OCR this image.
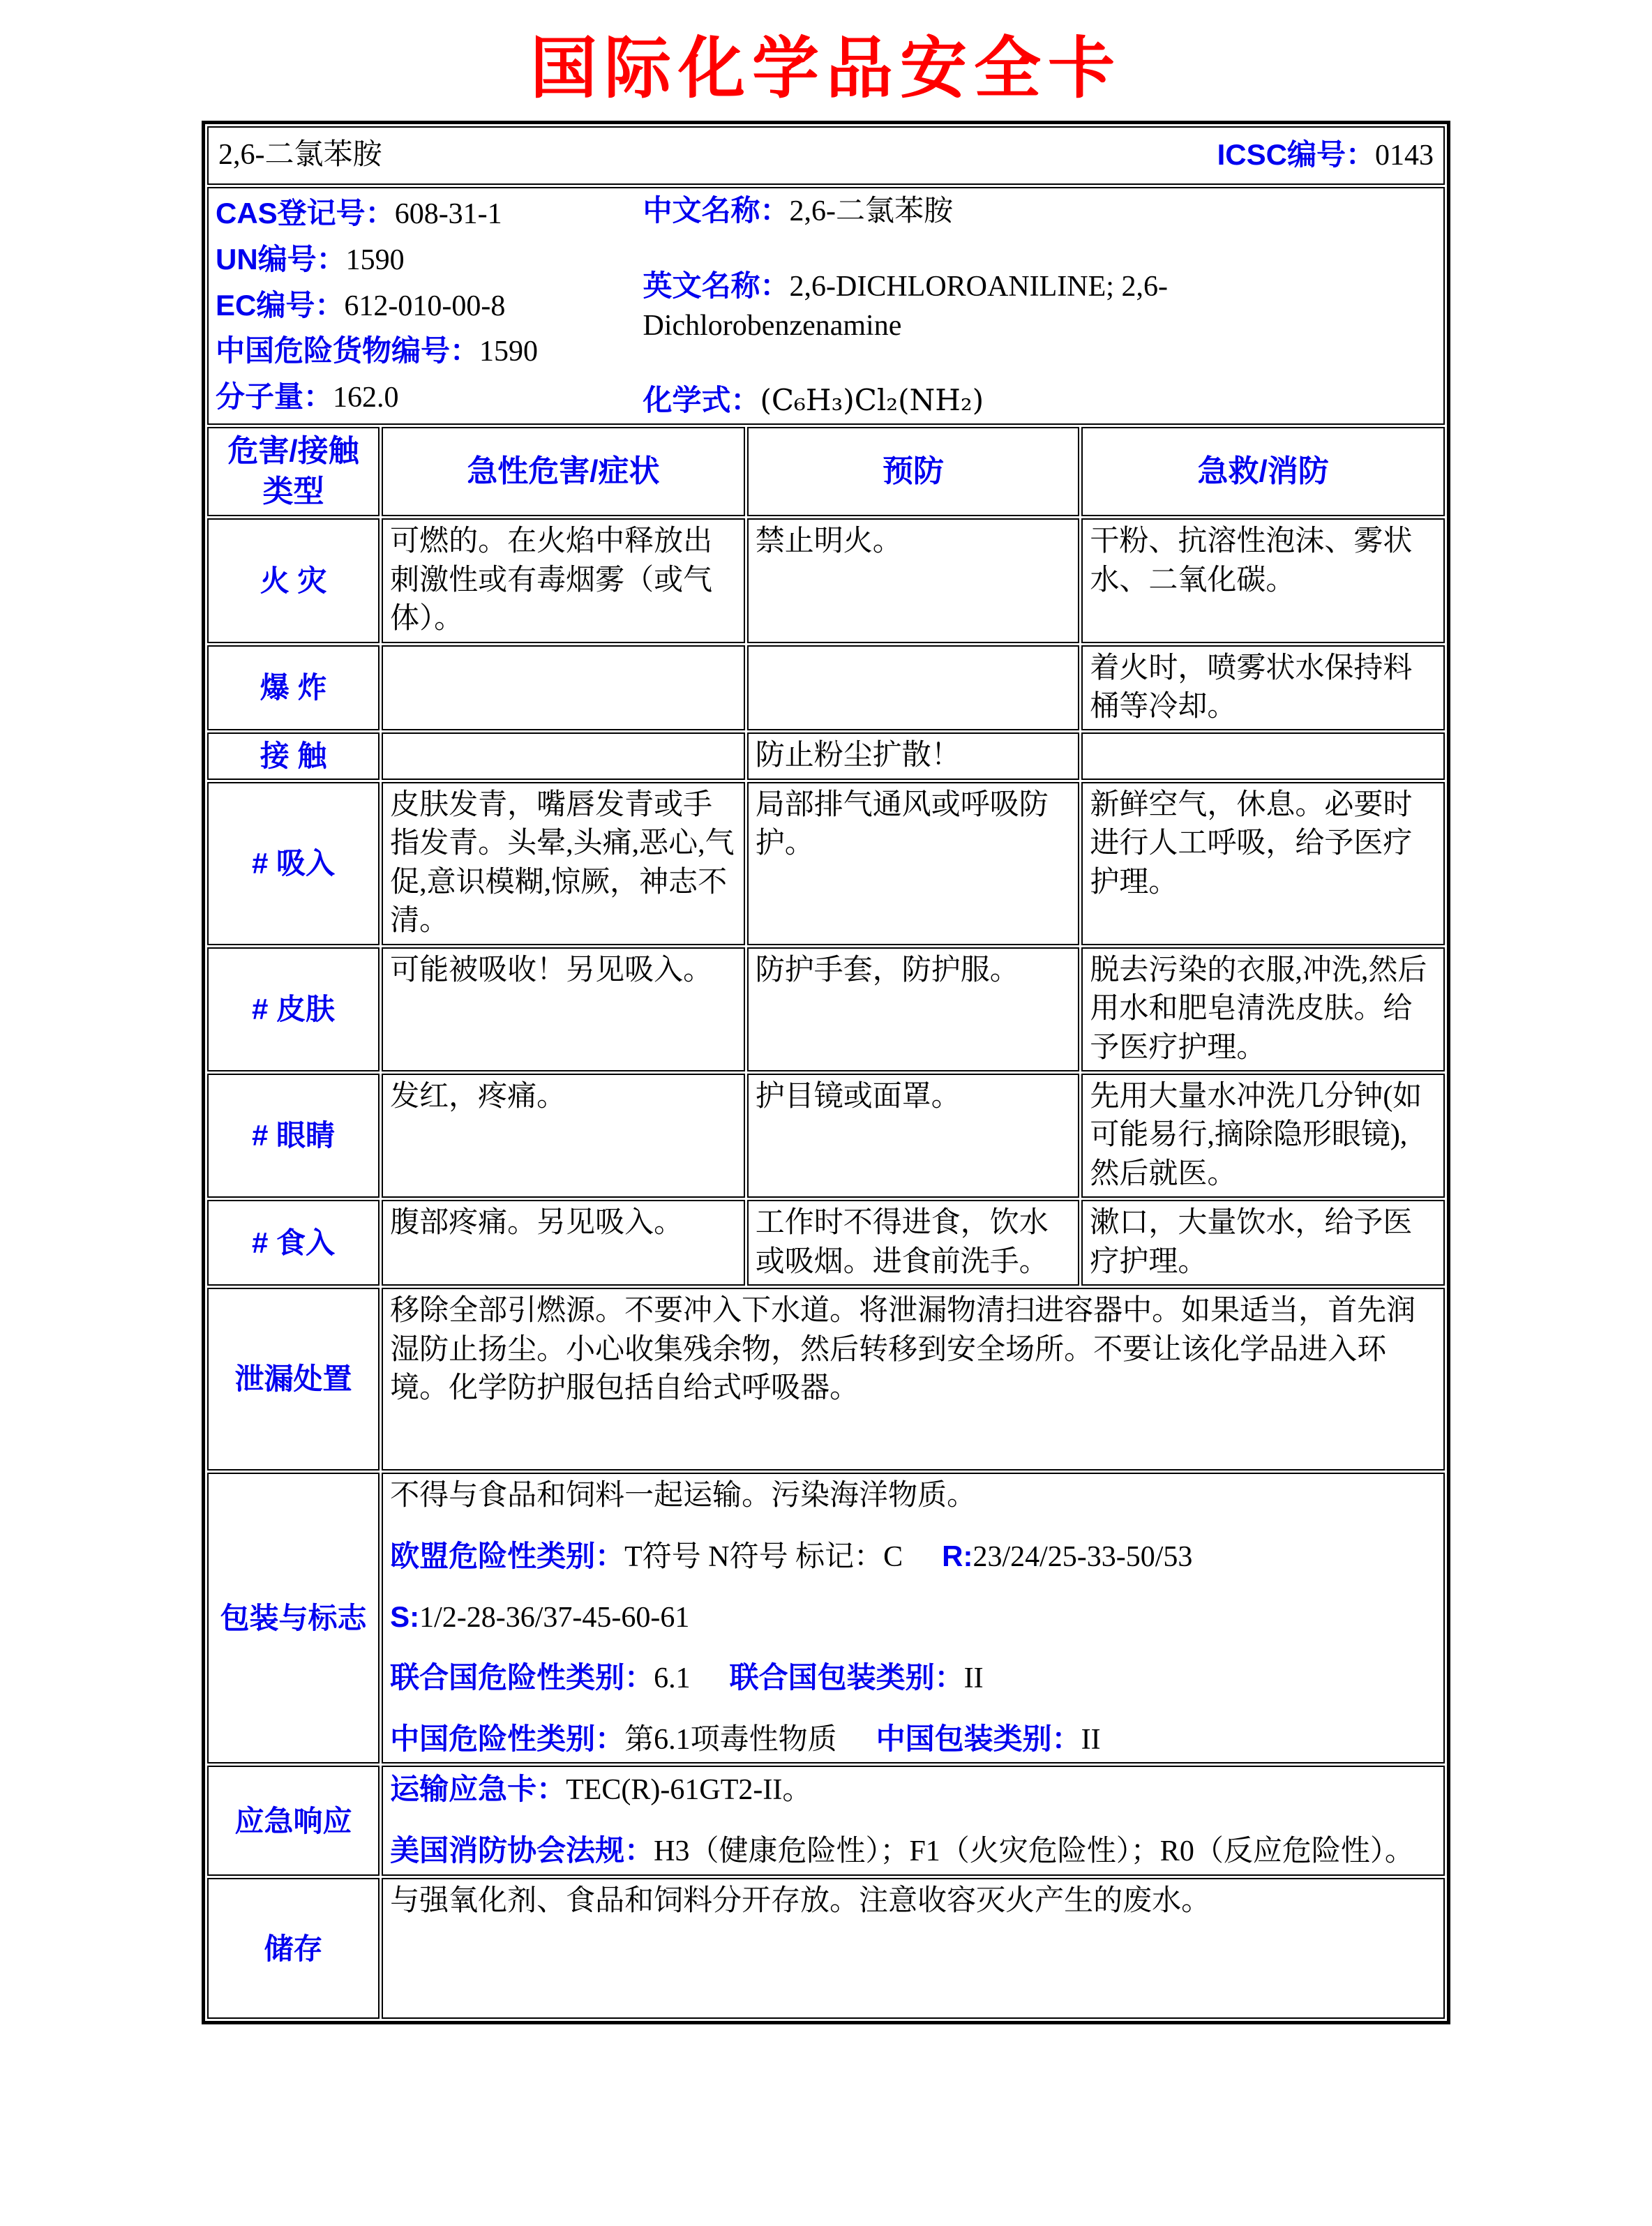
国际化学品安全卡
2,6-二氯苯胺 ICSC编号：0143			

CAS登记号：608-31-1
UN编号：1590
EC编号：612-010-00-8
中国危险货物编号：1590
分子量：162.0
中文名称：2,6-二氯苯胺
英文名称：2,6-DICHLOROANILINE; 2,6-Dichlorobenzenamine
化学式：(C₆H₃)Cl₂(NH₂)

危害/接触类型	急性危害/症状	预防	急救/消防
火 灾	可燃的。在火焰中释放出刺激性或有毒烟雾（或气体）。	禁止明火。	干粉、抗溶性泡沫、雾状水、二氧化碳。
爆 炸			着火时，喷雾状水保持料桶等冷却。
接 触		防止粉尘扩散！	
# 吸入	皮肤发青，嘴唇发青或手指发青。头晕,头痛,恶心,气促,意识模糊,惊厥，神志不清。	局部排气通风或呼吸防护。	新鲜空气，休息。必要时进行人工呼吸，给予医疗护理。
# 皮肤	可能被吸收！另见吸入。	防护手套，防护服。	脱去污染的衣服,冲洗,然后用水和肥皂清洗皮肤。给予医疗护理。
# 眼睛	发红，疼痛。	护目镜或面罩。	先用大量水冲洗几分钟(如可能易行,摘除隐形眼镜),然后就医。
# 食入	腹部疼痛。另见吸入。	工作时不得进食，饮水或吸烟。进食前洗手。	漱口，大量饮水，给予医疗护理。
泄漏处置	移除全部引燃源。不要冲入下水道。将泄漏物清扫进容器中。如果适当，首先润湿防止扬尘。小心收集残余物，然后转移到安全场所。不要让该化学品进入环境。化学防护服包括自给式呼吸器。		

包装与标志	不得与食品和饲料一起运输。污染海洋物质。
欧盟危险性类别：T符号 N符号 标记：C R:23/24/25-33-50/53
S:1/2-28-36/37-45-60-61
联合国危险性类别：6.1 联合国包装类别：II
中国危险性类别：第6.1项毒性物质 中国包装类别：II		

应急响应	运输应急卡：TEC(R)-61GT2-II。
美国消防协会法规：H3（健康危险性）；F1（火灾危险性）；R0（反应危险性）。		

储存	与强氧化剂、食品和饲料分开存放。注意收容灭火产生的废水。		
